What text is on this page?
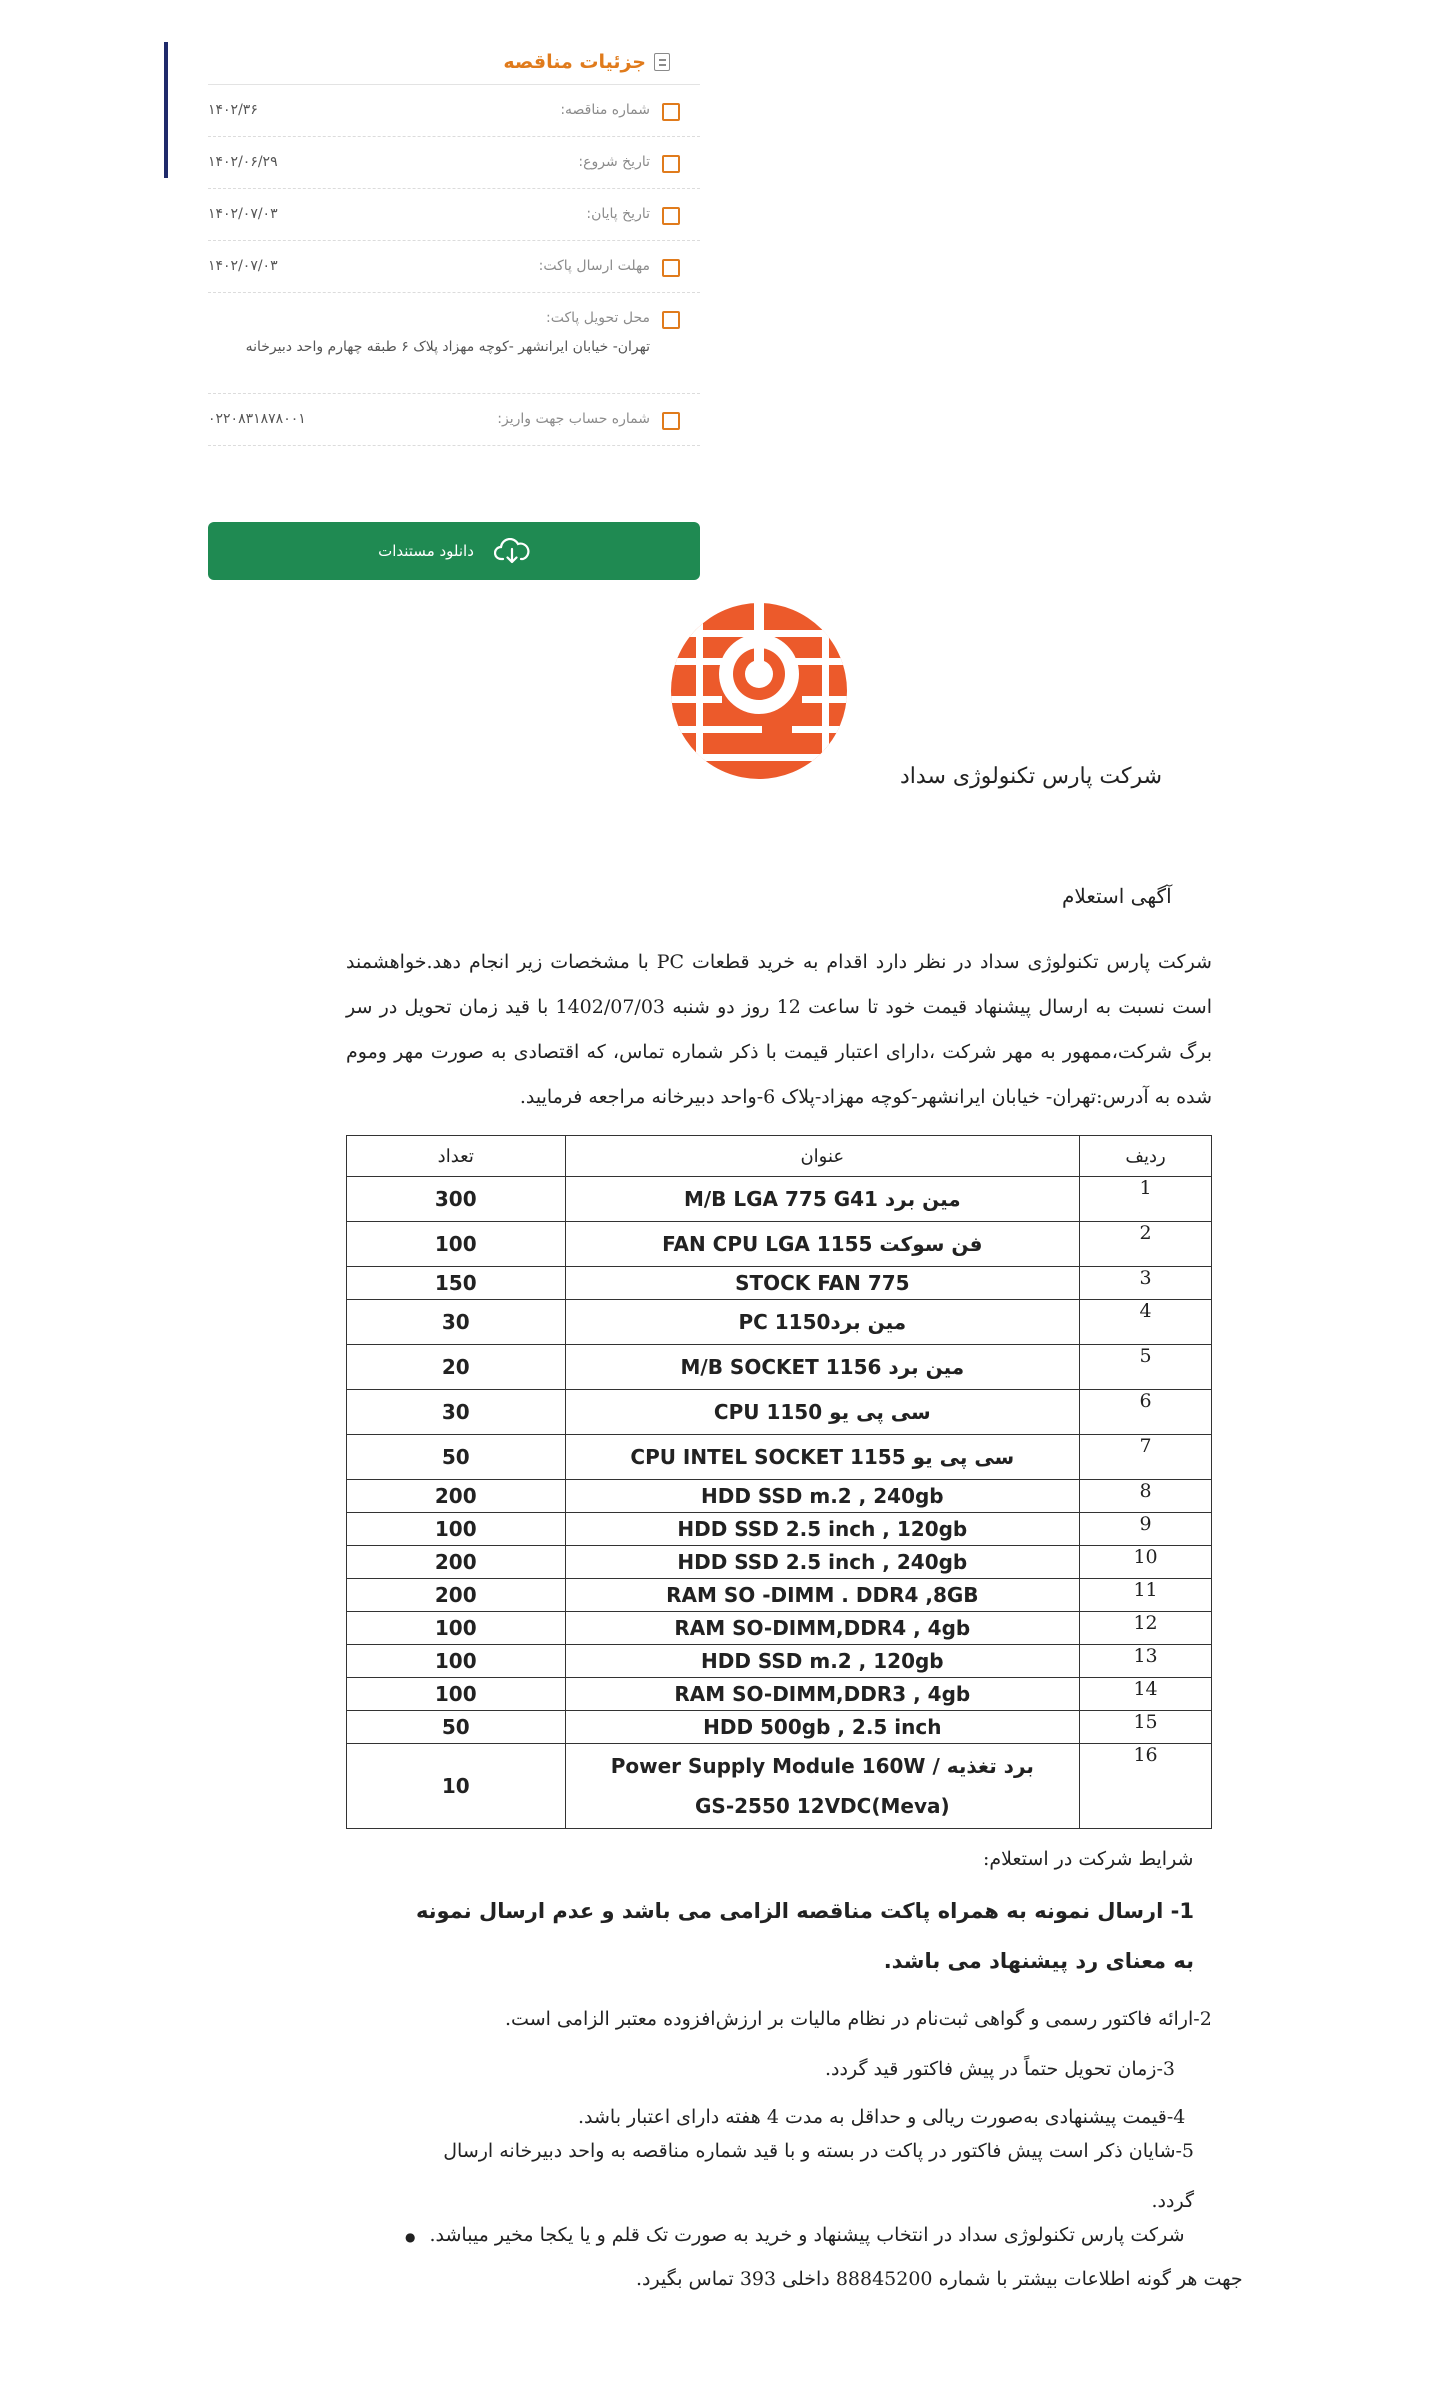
جزئیات مناقصه
شماره مناقصه:
۱۴۰۲/۳۶
تاریخ شروع:
۱۴۰۲/۰۶/۲۹
تاریخ پایان:
۱۴۰۲/۰۷/۰۳
مهلت ارسال پاکت:
۱۴۰۲/۰۷/۰۳
محل تحویل پاکت:
تهران- خیابان ایرانشهر -کوچه مهزاد پلاک ۶ طبقه چهارم واحد دبیرخانه
شماره حساب جهت واریز:
۰۲۲۰۸۳۱۸۷۸۰۰۱
دانلود مستندات
شرکت پارس تکنولوژی سداد
آگهی استعلام
شرکت پارس تکنولوژی سداد در نظر دارد اقدام به خرید قطعات PC با مشخصات زیر انجام دهد.خواهشمند است نسبت به ارسال پیشنهاد قیمت خود تا ساعت 12 روز دو شنبه 1402/07/03 با قید زمان تحویل در سر برگ شرکت،ممهور به مهر شرکت ،دارای اعتبار قیمت با ذکر شماره تماس، که اقتصادی به صورت مهر وموم شده به آدرس:تهران- خیابان ایرانشهر-کوچه مهزاد-پلاک 6-واحد دبیرخانه مراجعه فرمایید.
ردیف	عنوان	تعداد
1	مین برد M/B LGA 775 G41	300
2	فن سوکت FAN CPU LGA 1155	100
3	775 STOCK FAN	150
4	مین بردPC 1150	30
5	مین برد M/B SOCKET 1156	20
6	سی پی یو CPU 1150	30
7	سی پی یو CPU INTEL SOCKET 1155	50
8	HDD SSD m.2 , 240gb	200
9	HDD SSD 2.5 inch , 120gb	100
10	HDD SSD 2.5 inch , 240gb	200
11	RAM SO -DIMM . DDR4 ,8GB	200
12	RAM SO-DIMM,DDR4 , 4gb	100
13	HDD SSD m.2 , 120gb	100
14	RAM SO-DIMM,DDR3 , 4gb	100
15	HDD 500gb , 2.5 inch	50
16	برد تغذیه / Power Supply Module 160W
GS-2550 12VDC(Meva)	10
شرایط شرکت در استعلام:
1- ارسال نمونه به همراه پاکت مناقصه الزامی می باشد و عدم ارسال نمونه به معنای رد پیشنهاد می باشد.
2-ارائه فاکتور رسمی و گواهی ثبت‌نام در نظام مالیات بر ارزش‌افزوده معتبر الزامی است.
3-زمان تحویل حتماً در پیش فاکتور قید گردد.
4-قیمت پیشنهادی به‌صورت ریالی و حداقل به مدت 4 هفته دارای اعتبار باشد.
5-شایان ذکر است پیش فاکتور در پاکت در بسته و با قید شماره مناقصه به واحد دبیرخانه ارسال گردد.
شرکت پارس تکنولوژی سداد در انتخاب پیشنهاد و خرید به صورت تک قلم و یا یکجا مخیر میباشد. ●
جهت هر گونه اطلاعات بیشتر با شماره 88845200 داخلی 393 تماس بگیرد.
